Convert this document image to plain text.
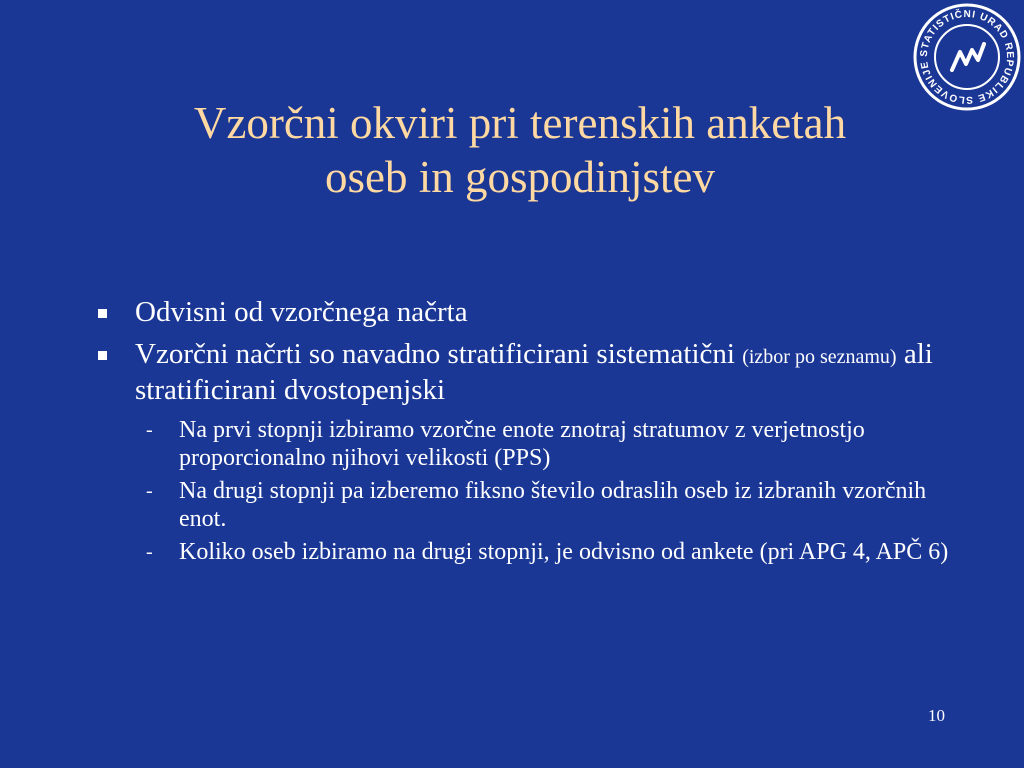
STATISTIČNI URAD REPUBLIKE SLOVENIJE
Vzorčni okviri pri terenskih anketah
oseb in gospodinjstev
Odvisni od vzorčnega načrta
Vzorčni načrti so navadno stratificirani sistematični (izbor po seznamu) ali stratificirani dvostopenjski
- Na prvi stopnji izbiramo vzorčne enote znotraj stratumov z verjetnostjo proporcionalno njihovi velikosti (PPS)
- Na drugi stopnji pa izberemo fiksno število odraslih oseb iz izbranih vzorčnih enot.
- Koliko oseb izbiramo na drugi stopnji, je odvisno od ankete (pri APG 4, APČ 6)
10
